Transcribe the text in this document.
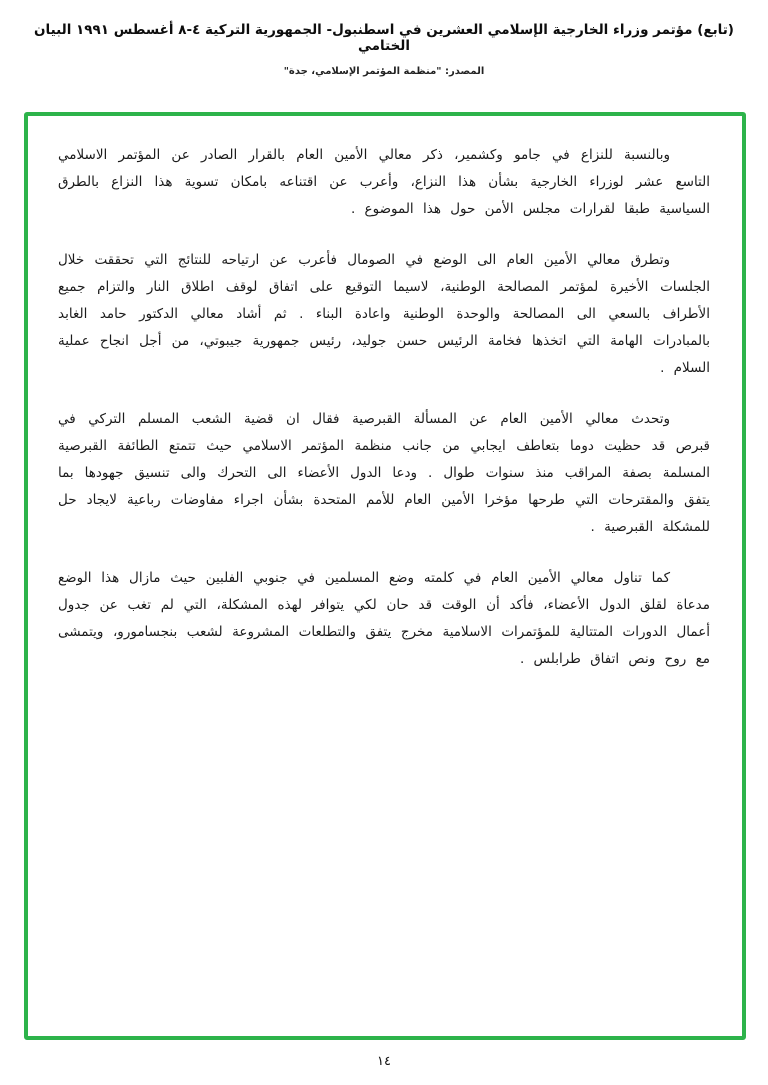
(تابع) مؤتمر وزراء الخارجية الإسلامي العشرين في اسطنبول- الجمهورية التركية ٤-٨ أغسطس ١٩٩١ البيان الختامي
المصدر: "منظمة المؤتمر الإسلامي، جدة"

وبالنسبة للنزاع في جامو وكشمير، ذكر معالي الأمين العام بالقرار الصادر عن المؤتمر الاسلامي التاسع عشر لوزراء الخارجية بشأن هذا النزاع، وأعرب عن اقتناعه بامكان تسوية هذا النزاع بالطرق السياسية طبقا لقرارات مجلس الأمن حول هذا الموضوع .

وتطرق معالي الأمين العام الى الوضع في الصومال فأعرب عن ارتياحه للنتائج التي تحققت خلال الجلسات الأخيرة لمؤتمر المصالحة الوطنية، لاسيما التوقيع على اتفاق لوقف اطلاق النار والتزام جميع الأطراف بالسعي الى المصالحة والوحدة الوطنية واعادة البناء . ثم أشاد معالي الدكتور حامد الغابد بالمبادرات الهامة التي اتخذها فخامة الرئيس حسن جوليد، رئيس جمهورية جيبوتي، من أجل انجاح عملية السلام .

وتحدث معالي الأمين العام عن المسألة القبرصية فقال ان قضية الشعب المسلم التركي في قبرص قد حظيت دوما بتعاطف ايجابي من جانب منظمة المؤتمر الاسلامي حيث تتمتع الطائفة القبرصية المسلمة بصفة المراقب منذ سنوات طوال . ودعا الدول الأعضاء الى التحرك والى تنسيق جهودها بما يتفق والمقترحات التي طرحها مؤخرا الأمين العام للأمم المتحدة بشأن اجراء مفاوضات رباعية لايجاد حل للمشكلة القبرصية .

كما تناول معالي الأمين العام في كلمته وضع المسلمين في جنوبي الفلبين حيث مازال هذا الوضع مدعاة لقلق الدول الأعضاء، فأكد أن الوقت قد حان لكي يتوافر لهذه المشكلة، التي لم تغب عن جدول أعمال الدورات المتتالية للمؤتمرات الاسلامية مخرج يتفق والتطلعات المشروعة لشعب بنجسامورو، ويتمشى مع روح ونص اتفاق طرابلس .

١٤
